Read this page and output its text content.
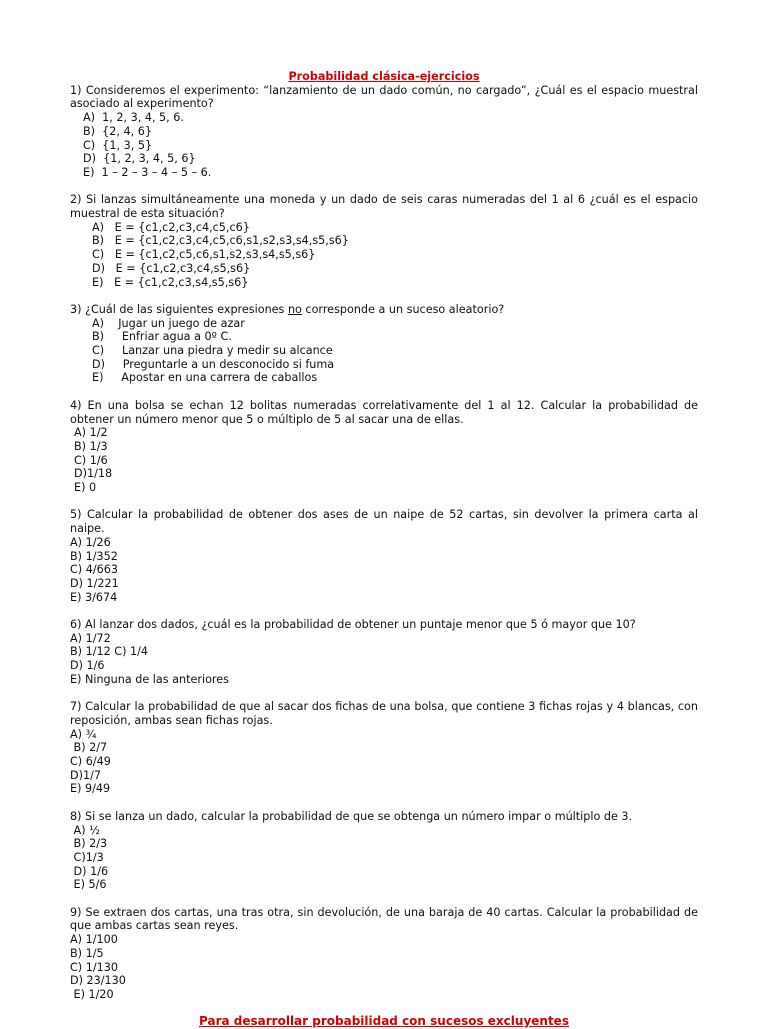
Probabilidad clásica-ejercicios

1) Consideremos el experimento: “lanzamiento de un dado común, no cargado”, ¿Cuál es el espacio muestral asociado al experimento?
A)  1, 2, 3, 4, 5, 6.
B)  {2, 4, 6}
C)  {1, 3, 5}
D)  {1, 2, 3, 4, 5, 6}
E)  1 – 2 – 3 – 4 – 5 – 6.
2) Si lanzas simultáneamente una moneda y un dado de seis caras numeradas del 1 al 6 ¿cuál es el espacio muestral de esta situación?
A)   E = {c1,c2,c3,c4,c5,c6}
B)   E = {c1,c2,c3,c4,c5,c6,s1,s2,s3,s4,s5,s6}
C)   E = {c1,c2,c5,c6,s1,s2,s3,s4,s5,s6}
D)   E = {c1,c2,c3,c4,s5,s6}
E)   E = {c1,c2,c3,s4,s5,s6}
3) ¿Cuál de las siguientes expresiones no corresponde a un suceso aleatorio?
A)    Jugar un juego de azar
B)     Enfriar agua a 0º C.
C)     Lanzar una piedra y medir su alcance
D)     Preguntarle a un desconocido si fuma
E)     Apostar en una carrera de caballos
4) En una bolsa se echan 12 bolitas numeradas correlativamente del 1 al 12. Calcular la probabilidad de obtener un número menor que 5 o múltiplo de 5 al sacar una de ellas.
A) 1/2
B) 1/3
C) 1/6
D)1/18
E) 0
5) Calcular la probabilidad de obtener dos ases de un naipe de 52 cartas, sin devolver la primera carta al naipe.
A) 1/26
B) 1/352
C) 4/663
D) 1/221
E) 3/674
6) Al lanzar dos dados, ¿cuál es la probabilidad de obtener un puntaje menor que 5 ó mayor que 10?
A) 1/72
B) 1/12 C) 1/4
D) 1/6
E) Ninguna de las anteriores
7) Calcular la probabilidad de que al sacar dos fichas de una bolsa, que contiene 3 fichas rojas y 4 blancas, con reposición, ambas sean fichas rojas.
A) ¾
B) 2/7
C) 6/49
D)1/7
E) 9/49
8) Si se lanza un dado, calcular la probabilidad de que se obtenga un número impar o múltiplo de 3.
A) ½
B) 2/3
C)1/3
D) 1/6
E) 5/6
9) Se extraen dos cartas, una tras otra, sin devolución, de una baraja de 40 cartas. Calcular la probabilidad de que ambas cartas sean reyes.
A) 1/100
B) 1/5
C) 1/130
D) 23/130
E) 1/20
Para desarrollar probabilidad con sucesos excluyentes
